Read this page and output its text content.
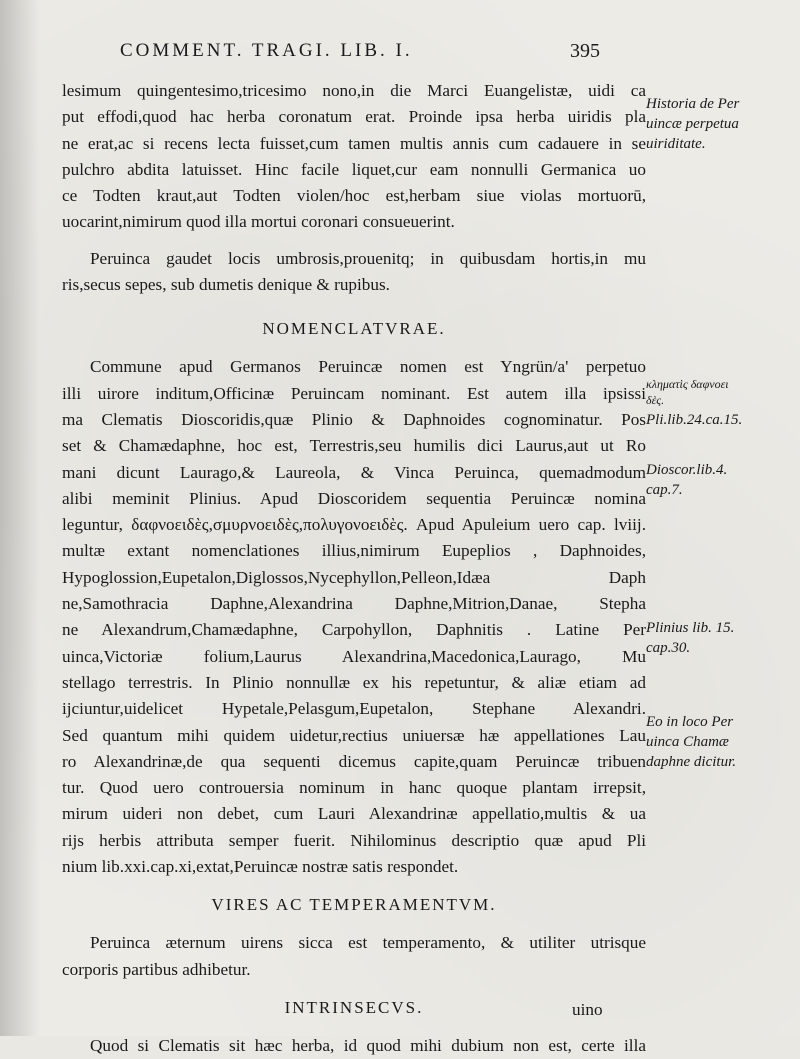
COMMENT. TRAGI. LIB. I.	395
lesimum quingentesimo,tricesimo nono,in die Marci Euangelistæ, uidi ca
put effodi,quod hac herba coronatum erat. Proinde ipsa herba uiridis pla
ne erat,ac si recens lecta fuisset,cum tamen multis annis cum cadauere in se
pulchro abdita latuisset. Hinc facile liquet,cur eam nonnulli Germanica uo
ce Todten kraut,aut Todten violen/hoc est,herbam siue violas mortuorū,
uocarint,nimirum quod illa mortui coronari consueuerint.
Peruinca gaudet locis umbrosis,prouenitq; in quibusdam hortis,in mu
ris,secus sepes, sub dumetis denique & rupibus.
NOMENCLATVRAE.
Commune apud Germanos Peruincæ nomen est Yngrün/a' perpetuo
illi uirore inditum,Officinæ Peruincam nominant. Est autem illa ipsissi
ma Clematis Dioscoridis,quæ Plinio & Daphnoides cognominatur. Pos
set & Chamædaphne, hoc est, Terrestris,seu humilis dici Laurus,aut ut Ro
mani dicunt Laurago,& Laureola, & Vinca Peruinca, quemadmodum
alibi meminit Plinius. Apud Dioscoridem sequentia Peruincæ nomina
leguntur, δαφνοειδὲς,σμυρνοειδὲς,πολυγονοειδὲς. Apud Apuleium uero cap. lviij.
multæ extant nomenclationes illius,nimirum Eupeplios , Daphnoides,
Hypoglossion,Eupetalon,Diglossos,Nycephyllon,Pelleon,Idæa Daph
ne,Samothracia Daphne,Alexandrina Daphne,Mitrion,Danae, Stepha
ne Alexandrum,Chamædaphne, Carpohyllon, Daphnitis . Latine Per
uinca,Victoriæ folium,Laurus Alexandrina,Macedonica,Laurago, Mu
stellago terrestris. In Plinio nonnullæ ex his repetuntur, & aliæ etiam ad
ijciuntur,uidelicet Hypetale,Pelasgum,Eupetalon, Stephane Alexandri.
Sed quantum mihi quidem uidetur,rectius uniuersæ hæ appellationes Lau
ro Alexandrinæ,de qua sequenti dicemus capite,quam Peruincæ tribuen
tur. Quod uero controuersia nominum in hanc quoque plantam irrepsit,
mirum uideri non debet, cum Lauri Alexandrinæ appellatio,multis & ua
rijs herbis attributa semper fuerit. Nihilominus descriptio quæ apud Pli
nium lib.xxi.cap.xi,extat,Peruincæ nostræ satis respondet.
VIRES AC TEMPERAMENTVM.
Peruinca æternum uirens sicca est temperamento, & utiliter utrisque
corporis partibus adhibetur.
INTRINSECVS.
Quod si Clematis sit hæc herba, id quod mihi dubium non est, certe illa
uino
Historia de Per
uincæ perpetua
uiriditate.
κληματὶς δαφνοει
δὲς.
Pli.lib.24.ca.15.
Dioscor.lib.4.
cap.7.
Plinius lib. 15.
cap.30.
Eo in loco Per
uinca Chamæ
daphne dicitur.
